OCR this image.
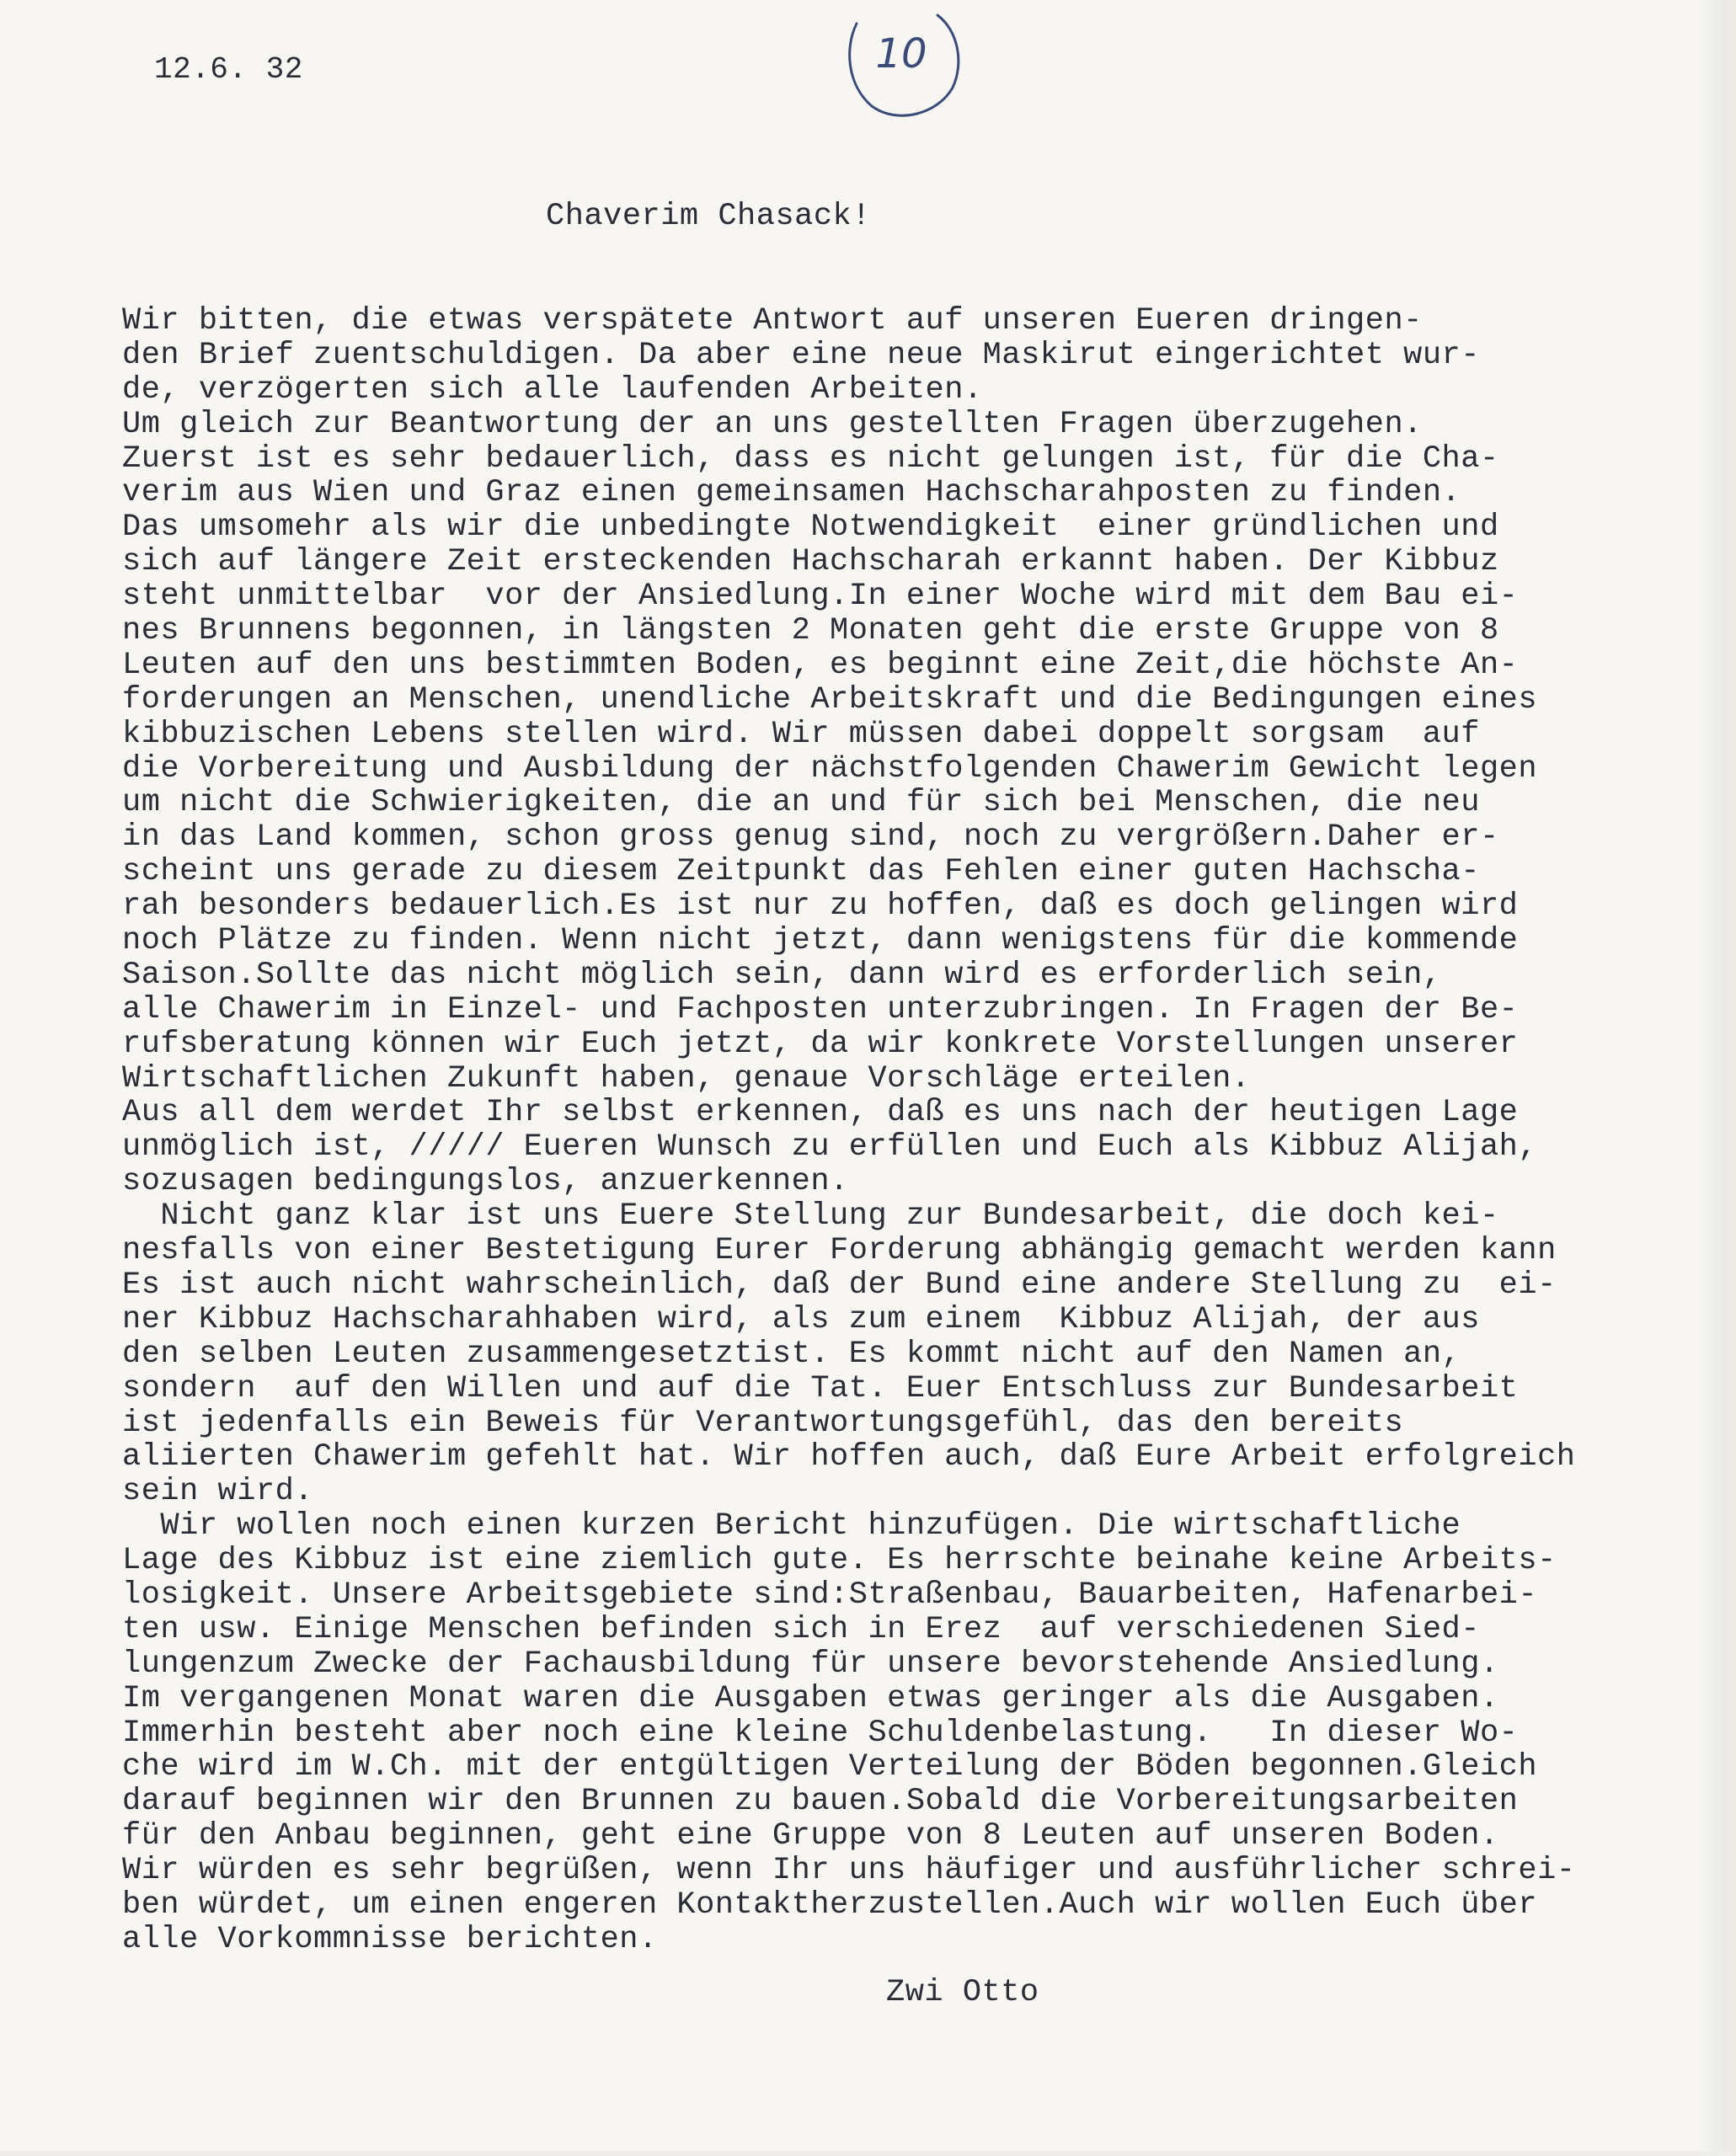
12.6. 32	10
Chaverim Chasack!
Wir bitten, die etwas verspätete Antwort auf unseren Eueren dringen-
den Brief zuentschuldigen. Da aber eine neue Maskirut eingerichtet wur-
de, verzögerten sich alle laufenden Arbeiten.
Um gleich zur Beantwortung der an uns gestellten Fragen überzugehen.
Zuerst ist es sehr bedauerlich, dass es nicht gelungen ist, für die Cha-
verim aus Wien und Graz einen gemeinsamen Hachscharahposten zu finden.
Das umsomehr als wir die unbedingte Notwendigkeit  einer gründlichen und
sich auf längere Zeit ersteckenden Hachscharah erkannt haben. Der Kibbuz
steht unmittelbar  vor der Ansiedlung.In einer Woche wird mit dem Bau ei-
nes Brunnens begonnen, in längsten 2 Monaten geht die erste Gruppe von 8
Leuten auf den uns bestimmten Boden, es beginnt eine Zeit,die höchste An-
forderungen an Menschen, unendliche Arbeitskraft und die Bedingungen eines
kibbuzischen Lebens stellen wird. Wir müssen dabei doppelt sorgsam  auf
die Vorbereitung und Ausbildung der nächstfolgenden Chawerim Gewicht legen
um nicht die Schwierigkeiten, die an und für sich bei Menschen, die neu
in das Land kommen, schon gross genug sind, noch zu vergrößern.Daher er-
scheint uns gerade zu diesem Zeitpunkt das Fehlen einer guten Hachscha-
rah besonders bedauerlich.Es ist nur zu hoffen, daß es doch gelingen wird
noch Plätze zu finden. Wenn nicht jetzt, dann wenigstens für die kommende
Saison.Sollte das nicht möglich sein, dann wird es erforderlich sein,
alle Chawerim in Einzel- und Fachposten unterzubringen. In Fragen der Be-
rufsberatung können wir Euch jetzt, da wir konkrete Vorstellungen unserer
Wirtschaftlichen Zukunft haben, genaue Vorschläge erteilen.
Aus all dem werdet Ihr selbst erkennen, daß es uns nach der heutigen Lage
unmöglich ist, ///// Eueren Wunsch zu erfüllen und Euch als Kibbuz Alijah,
sozusagen bedingungslos, anzuerkennen.
Nicht ganz klar ist uns Euere Stellung zur Bundesarbeit, die doch kei-
nesfalls von einer Bestetigung Eurer Forderung abhängig gemacht werden kann
Es ist auch nicht wahrscheinlich, daß der Bund eine andere Stellung zu  ei-
ner Kibbuz Hachscharahhaben wird, als zum einem  Kibbuz Alijah, der aus
den selben Leuten zusammengesetztist. Es kommt nicht auf den Namen an,
sondern  auf den Willen und auf die Tat. Euer Entschluss zur Bundesarbeit
ist jedenfalls ein Beweis für Verantwortungsgefühl, das den bereits
aliierten Chawerim gefehlt hat. Wir hoffen auch, daß Eure Arbeit erfolgreich
sein wird.
Wir wollen noch einen kurzen Bericht hinzufügen. Die wirtschaftliche
Lage des Kibbuz ist eine ziemlich gute. Es herrschte beinahe keine Arbeits-
losigkeit. Unsere Arbeitsgebiete sind:Straßenbau, Bauarbeiten, Hafenarbei-
ten usw. Einige Menschen befinden sich in Erez  auf verschiedenen Sied-
lungenzum Zwecke der Fachausbildung für unsere bevorstehende Ansiedlung.
Im vergangenen Monat waren die Ausgaben etwas geringer als die Ausgaben.
Immerhin besteht aber noch eine kleine Schuldenbelastung.   In dieser Wo-
che wird im W.Ch. mit der entgültigen Verteilung der Böden begonnen.Gleich
darauf beginnen wir den Brunnen zu bauen.Sobald die Vorbereitungsarbeiten
für den Anbau beginnen, geht eine Gruppe von 8 Leuten auf unseren Boden.
Wir würden es sehr begrüßen, wenn Ihr uns häufiger und ausführlicher schrei-
ben würdet, um einen engeren Kontaktherzustellen.Auch wir wollen Euch über
alle Vorkommnisse berichten.
Zwi Otto
